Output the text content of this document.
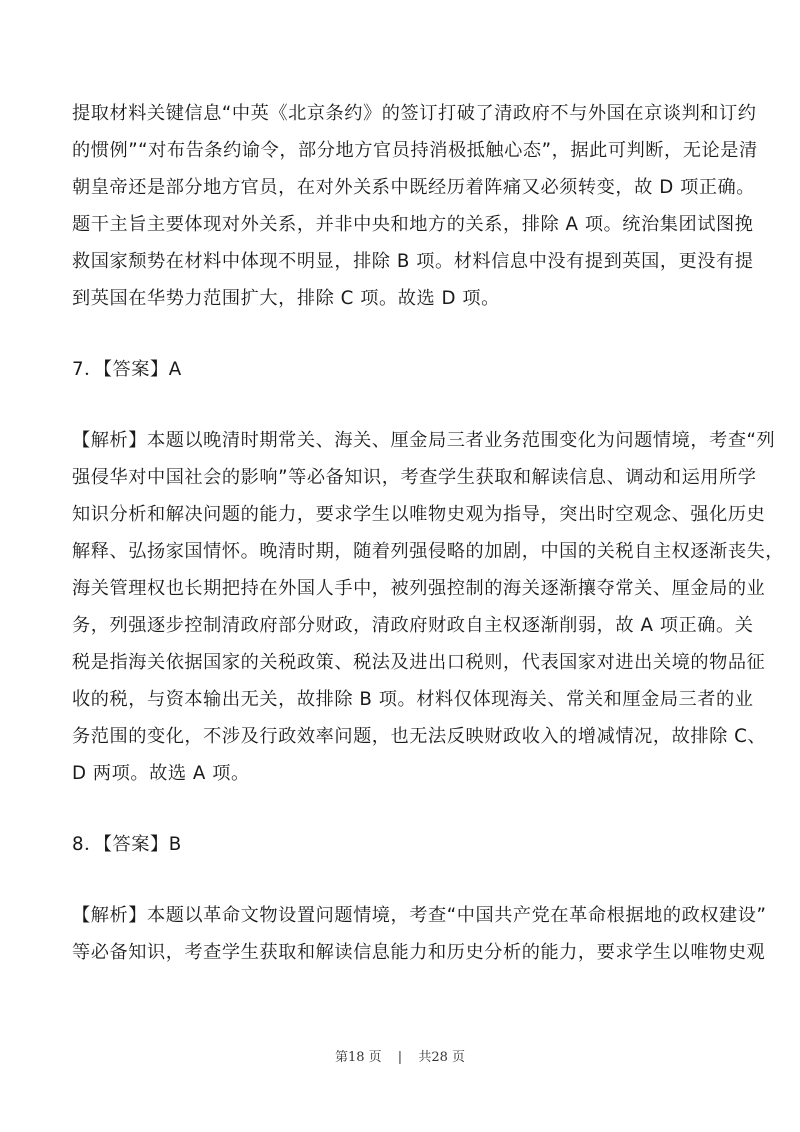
提取材料关键信息“中英《北京条约》的签订打破了清政府不与外国在京谈判和订约
的惯例”“对布告条约谕令，部分地方官员持消极抵触心态”，据此可判断，无论是清
朝皇帝还是部分地方官员，在对外关系中既经历着阵痛又必须转变，故 D 项正确。
题干主旨主要体现对外关系，并非中央和地方的关系，排除 A 项。统治集团试图挽
救国家颓势在材料中体现不明显，排除 B 项。材料信息中没有提到英国，更没有提
到英国在华势力范围扩大，排除 C 项。故选 D 项。
7．【答案】A
【解析】本题以晚清时期常关、海关、厘金局三者业务范围变化为问题情境，考查“列
强侵华对中国社会的影响”等必备知识，考查学生获取和解读信息、调动和运用所学
知识分析和解决问题的能力，要求学生以唯物史观为指导，突出时空观念、强化历史
解释、弘扬家国情怀。晚清时期，随着列强侵略的加剧，中国的关税自主权逐渐丧失，
海关管理权也长期把持在外国人手中，被列强控制的海关逐渐攘夺常关、厘金局的业
务，列强逐步控制清政府部分财政，清政府财政自主权逐渐削弱，故 A 项正确。关
税是指海关依据国家的关税政策、税法及进出口税则，代表国家对进出关境的物品征
收的税，与资本输出无关，故排除 B 项。材料仅体现海关、常关和厘金局三者的业
务范围的变化，不涉及行政效率问题，也无法反映财政收入的增减情况，故排除 C、
D 两项。故选 A 项。
8．【答案】B
【解析】本题以革命文物设置问题情境，考查“中国共产党在革命根据地的政权建设”
等必备知识，考查学生获取和解读信息能力和历史分析的能力，要求学生以唯物史观
第18 页 | 共28 页
